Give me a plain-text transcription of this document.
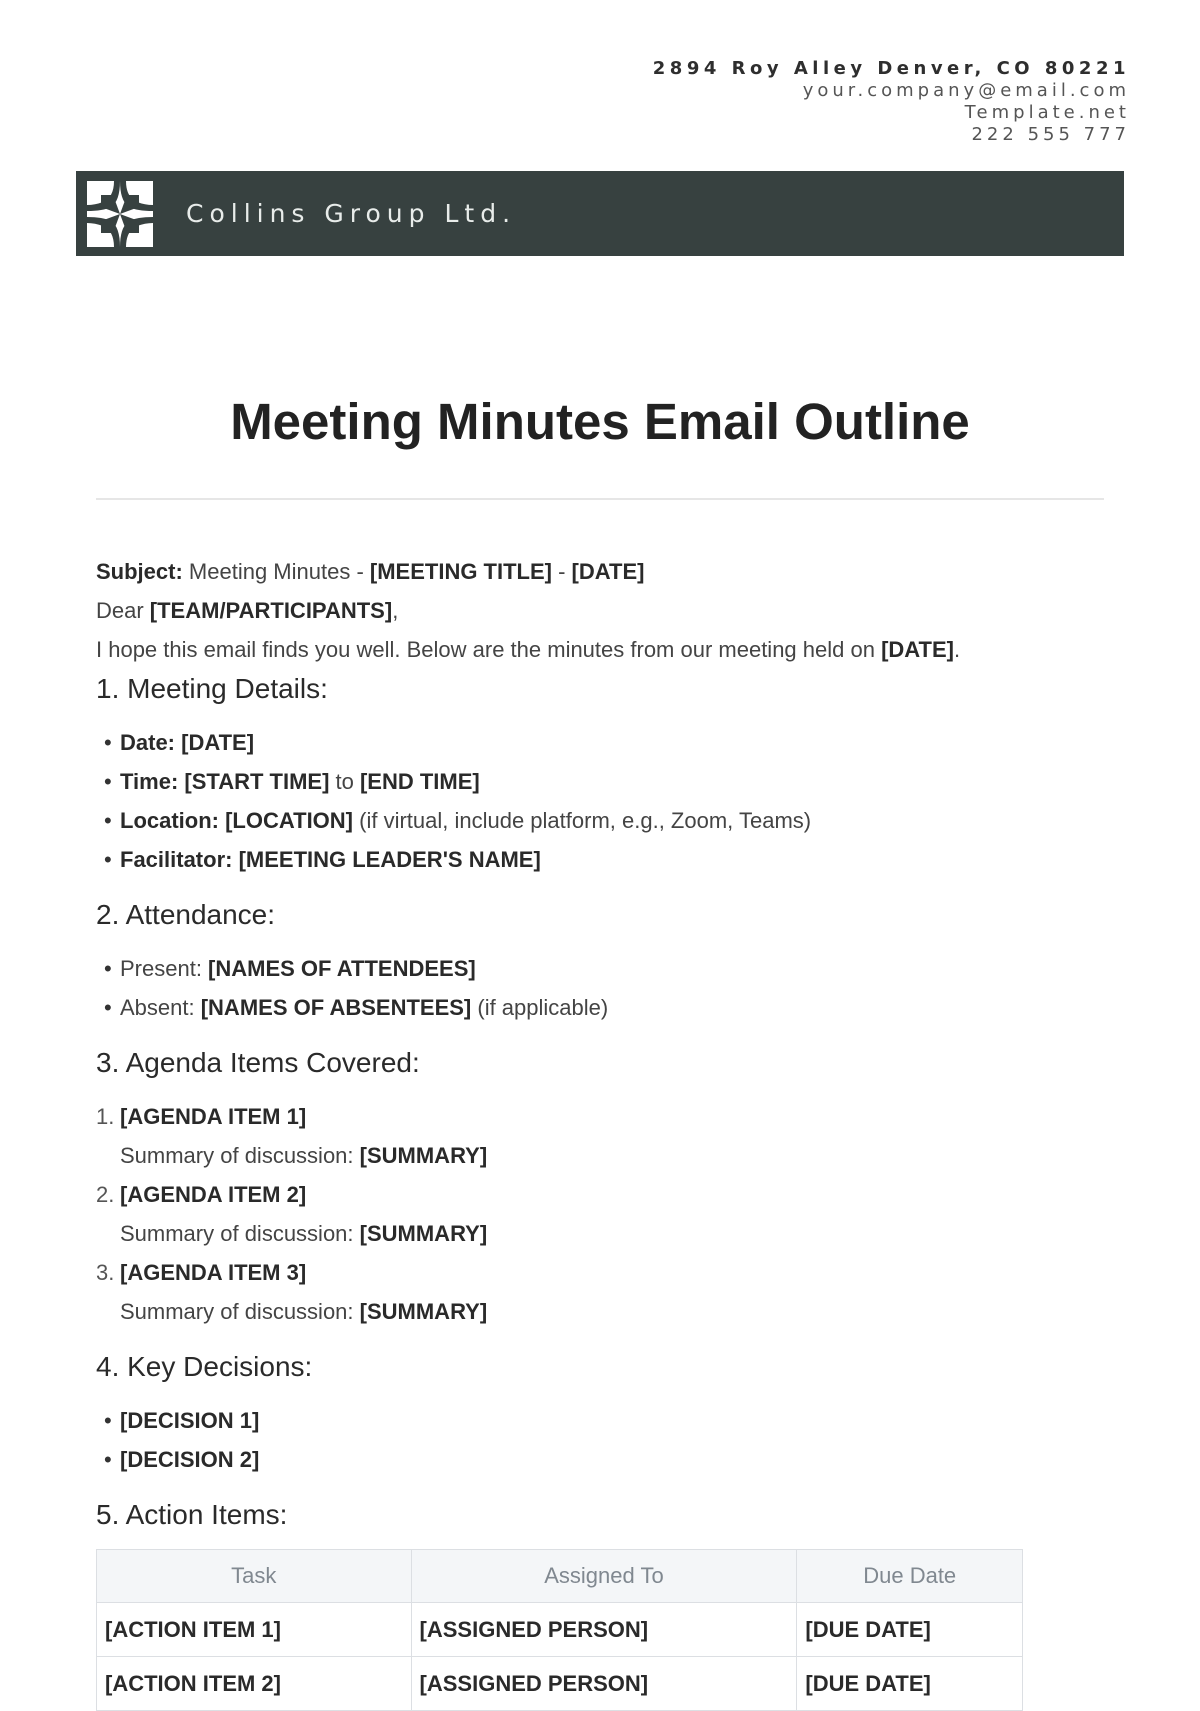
2894 Roy Alley Denver, CO 80221
your.company@email.com
Template.net
222 555 777
Collins Group Ltd.
Meeting Minutes Email Outline
Subject: Meeting Minutes - [MEETING TITLE] - [DATE]
Dear [TEAM/PARTICIPANTS],
I hope this email finds you well. Below are the minutes from our meeting held on [DATE].
1. Meeting Details:
• Date: [DATE]
• Time: [START TIME] to [END TIME]
• Location: [LOCATION] (if virtual, include platform, e.g., Zoom, Teams)
• Facilitator: [MEETING LEADER'S NAME]
2. Attendance:
• Present: [NAMES OF ATTENDEES]
• Absent: [NAMES OF ABSENTEES] (if applicable)
3. Agenda Items Covered:
1. [AGENDA ITEM 1]
Summary of discussion: [SUMMARY]
2. [AGENDA ITEM 2]
Summary of discussion: [SUMMARY]
3. [AGENDA ITEM 3]
Summary of discussion: [SUMMARY]
4. Key Decisions:
• [DECISION 1]
• [DECISION 2]
5. Action Items:
Task	Assigned To	Due Date
[ACTION ITEM 1]	[ASSIGNED PERSON]	[DUE DATE]
[ACTION ITEM 2]	[ASSIGNED PERSON]	[DUE DATE]
